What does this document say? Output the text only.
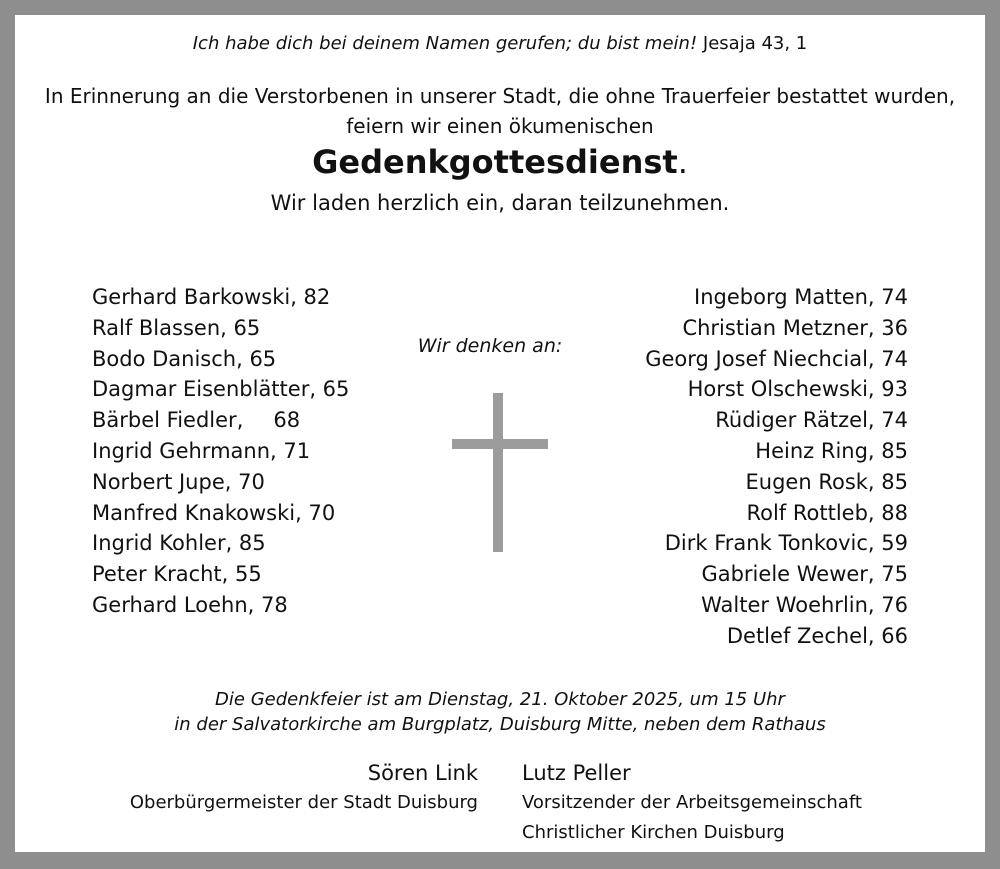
Ich habe dich bei deinem Namen gerufen; du bist mein! Jesaja 43, 1
In Erinnerung an die Verstorbenen in unserer Stadt, die ohne Trauerfeier bestattet wurden,
feiern wir einen ökumenischen
Gedenkgottesdienst.
Wir laden herzlich ein, daran teilzunehmen.
Gerhard Barkowski, 82
Ralf Blassen, 65
Bodo Danisch, 65
Dagmar Eisenblätter, 65
Bärbel Fiedler, 68
Ingrid Gehrmann, 71
Norbert Jupe, 70
Manfred Knakowski, 70
Ingrid Kohler, 85
Peter Kracht, 55
Gerhard Loehn, 78
Wir denken an:
Ingeborg Matten, 74
Christian Metzner, 36
Georg Josef Niechcial, 74
Horst Olschewski, 93
Rüdiger Rätzel, 74
Heinz Ring, 85
Eugen Rosk, 85
Rolf Rottleb, 88
Dirk Frank Tonkovic, 59
Gabriele Wewer, 75
Walter Woehrlin, 76
Detlef Zechel, 66
Die Gedenkfeier ist am Dienstag, 21. Oktober 2025, um 15 Uhr
in der Salvatorkirche am Burgplatz, Duisburg Mitte, neben dem Rathaus
Sören Link
Oberbürgermeister der Stadt Duisburg
Lutz Peller
Vorsitzender der Arbeitsgemeinschaft
Christlicher Kirchen Duisburg
